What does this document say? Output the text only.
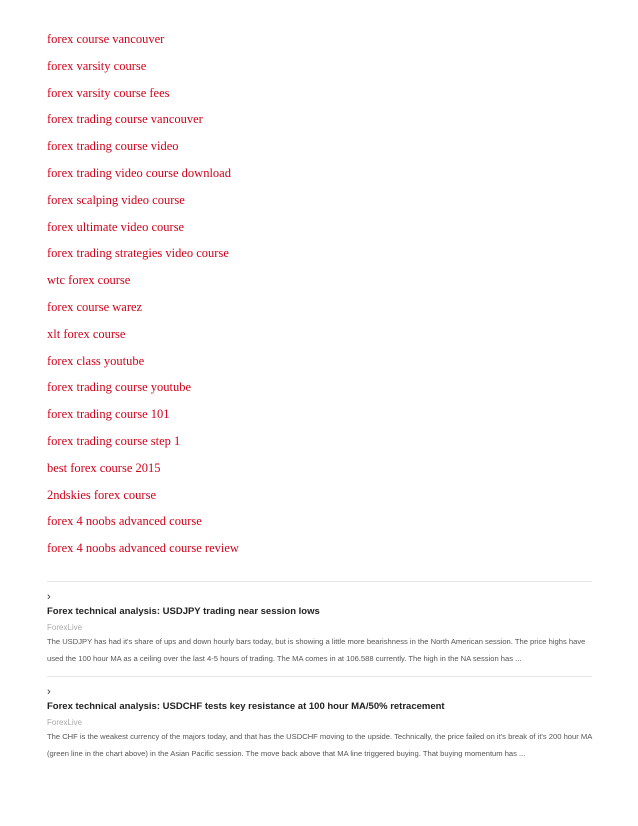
forex course vancouver
forex varsity course
forex varsity course fees
forex trading course vancouver
forex trading course video
forex trading video course download
forex scalping video course
forex ultimate video course
forex trading strategies video course
wtc forex course
forex course warez
xlt forex course
forex class youtube
forex trading course youtube
forex trading course 101
forex trading course step 1
best forex course 2015
2ndskies forex course
forex 4 noobs advanced course
forex 4 noobs advanced course review
›
Forex technical analysis: USDJPY trading near session lows
ForexLive
The USDJPY has had it's share of ups and down hourly bars today, but is showing a little more bearishness in the North American session. The price highs have used the 100 hour MA as a ceiling over the last 4-5 hours of trading. The MA comes in at 106.588 currently. The high in the NA session has ...
›
Forex technical analysis: USDCHF tests key resistance at 100 hour MA/50% retracement
ForexLive
The CHF is the weakest currency of the majors today, and that has the USDCHF moving to the upside. Technically, the price failed on it's break of it's 200 hour MA (green line in the chart above) in the Asian Pacific session. The move back above that MA line triggered buying. That buying momentum has ...
